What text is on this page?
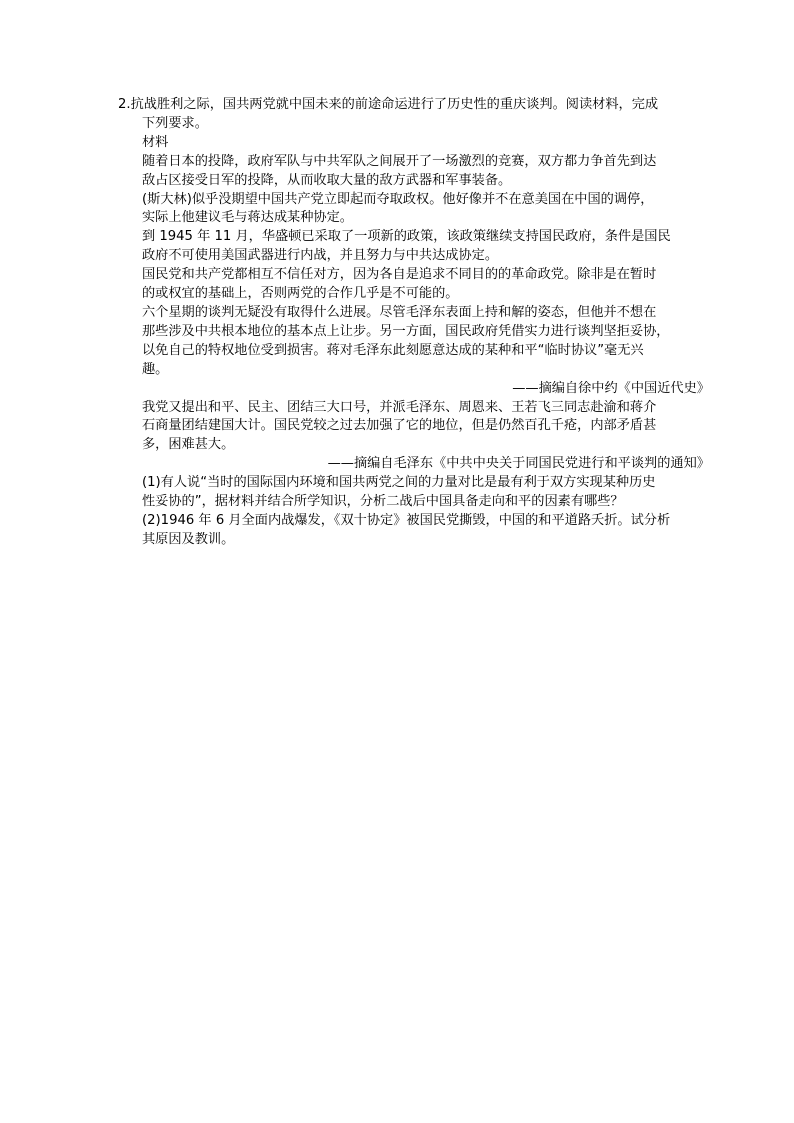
2.抗战胜利之际，国共两党就中国未来的前途命运进行了历史性的重庆谈判。阅读材料，完成
下列要求。
材料
随着日本的投降，政府军队与中共军队之间展开了一场激烈的竞赛，双方都力争首先到达
敌占区接受日军的投降，从而收取大量的敌方武器和军事装备。
(斯大林)似乎没期望中国共产党立即起而夺取政权。他好像并不在意美国在中国的调停，
实际上他建议毛与蒋达成某种协定。
到 1945 年 11 月，华盛顿已采取了一项新的政策，该政策继续支持国民政府，条件是国民
政府不可使用美国武器进行内战，并且努力与中共达成协定。
国民党和共产党都相互不信任对方，因为各自是追求不同目的的革命政党。除非是在暂时
的或权宜的基础上，否则两党的合作几乎是不可能的。
六个星期的谈判无疑没有取得什么进展。尽管毛泽东表面上持和解的姿态，但他并不想在
那些涉及中共根本地位的基本点上让步。另一方面，国民政府凭借实力进行谈判坚拒妥协，
以免自己的特权地位受到损害。蒋对毛泽东此刻愿意达成的某种和平“临时协议”毫无兴
趣。
——摘编自徐中约《中国近代史》
我党又提出和平、民主、团结三大口号，并派毛泽东、周恩来、王若飞三同志赴渝和蒋介
石商量团结建国大计。国民党较之过去加强了它的地位，但是仍然百孔千疮，内部矛盾甚
多，困难甚大。
——摘编自毛泽东《中共中央关于同国民党进行和平谈判的通知》
(1)有人说“当时的国际国内环境和国共两党之间的力量对比是最有利于双方实现某种历史
性妥协的”，据材料并结合所学知识，分析二战后中国具备走向和平的因素有哪些？
(2)1946 年 6 月全面内战爆发，《双十协定》被国民党撕毁，中国的和平道路夭折。试分析
其原因及教训。
